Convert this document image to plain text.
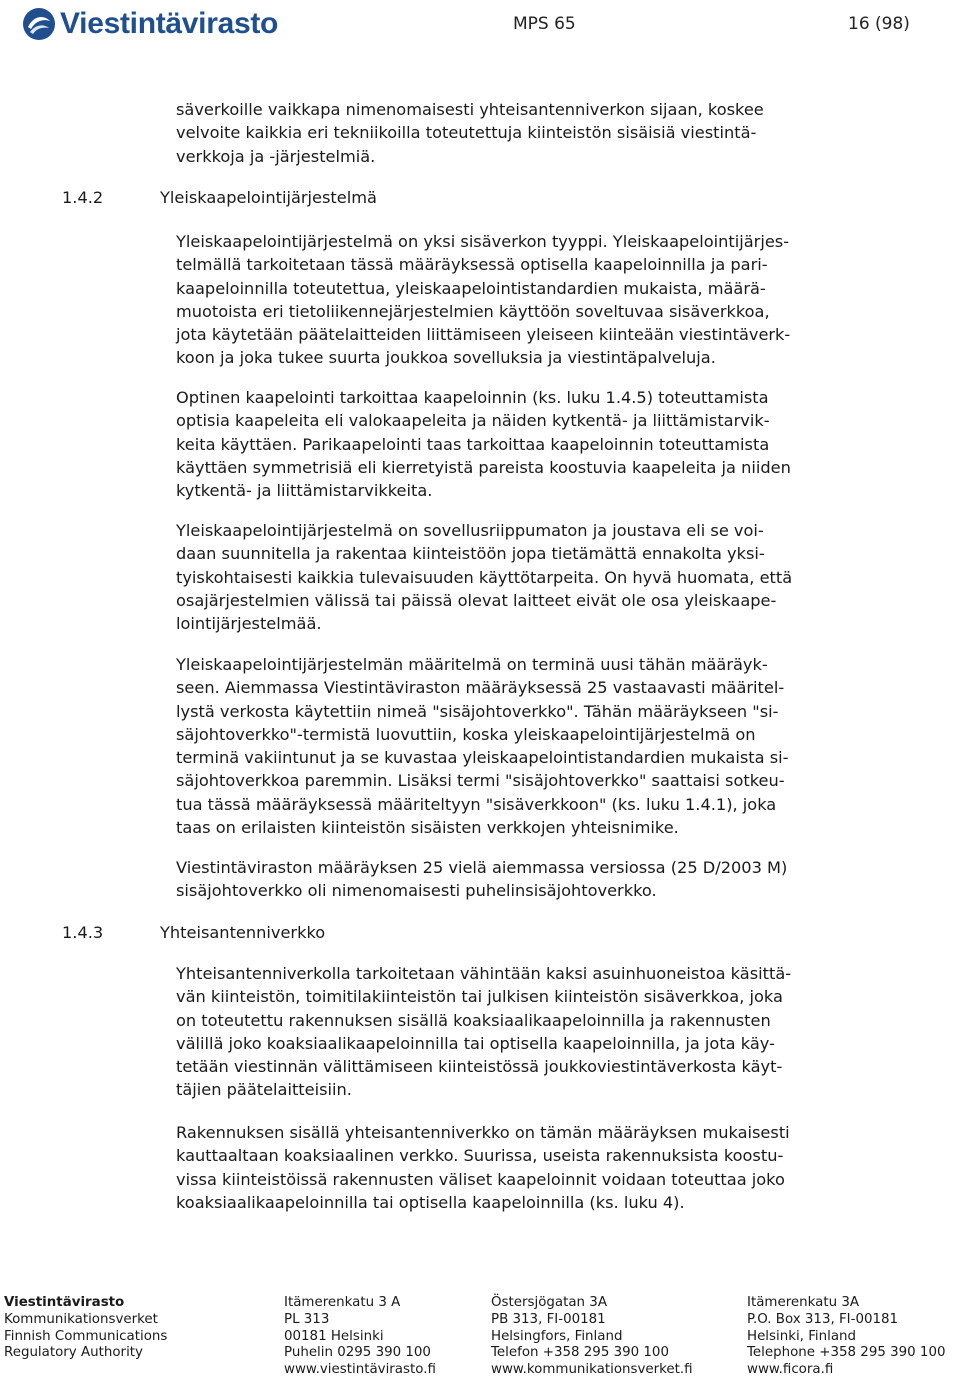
Viestintävirasto	MPS 65	16 (98)

säverkoille vaikkapa nimenomaisesti yhteisantenniverkon sijaan, koskee
velvoite kaikkia eri tekniikoilla toteutettuja kiinteistön sisäisiä viestintä-
verkkoja ja -järjestelmiä.

1.4.2	Yleiskaapelointijärjestelmä

Yleiskaapelointijärjestelmä on yksi sisäverkon tyyppi. Yleiskaapelointijärjes-
telmällä tarkoitetaan tässä määräyksessä optisella kaapeloinnilla ja pari-
kaapeloinnilla toteutettua, yleiskaapelointistandardien mukaista, määrä-
muotoista eri tietoliikennejärjestelmien käyttöön soveltuvaa sisäverkkoa,
jota käytetään päätelaitteiden liittämiseen yleiseen kiinteään viestintäverk-
koon ja joka tukee suurta joukkoa sovelluksia ja viestintäpalveluja.

Optinen kaapelointi tarkoittaa kaapeloinnin (ks. luku 1.4.5) toteuttamista
optisia kaapeleita eli valokaapeleita ja näiden kytkentä- ja liittämistarvik-
keita käyttäen. Parikaapelointi taas tarkoittaa kaapeloinnin toteuttamista
käyttäen symmetrisiä eli kierretyistä pareista koostuvia kaapeleita ja niiden
kytkentä- ja liittämistarvikkeita.

Yleiskaapelointijärjestelmä on sovellusriippumaton ja joustava eli se voi-
daan suunnitella ja rakentaa kiinteistöön jopa tietämättä ennakolta yksi-
tyiskohtaisesti kaikkia tulevaisuuden käyttötarpeita. On hyvä huomata, että
osajärjestelmien välissä tai päissä olevat laitteet eivät ole osa yleiskaape-
lointijärjestelmää.

Yleiskaapelointijärjestelmän määritelmä on terminä uusi tähän määräyk-
seen. Aiemmassa Viestintäviraston määräyksessä 25 vastaavasti määritel-
lystä verkosta käytettiin nimeä "sisäjohtoverkko". Tähän määräykseen "si-
säjohtoverkko"-termistä luovuttiin, koska yleiskaapelointijärjestelmä on
terminä vakiintunut ja se kuvastaa yleiskaapelointistandardien mukaista si-
säjohtoverkkoa paremmin. Lisäksi termi "sisäjohtoverkko" saattaisi sotkeu-
tua tässä määräyksessä määriteltyyn "sisäverkkoon" (ks. luku 1.4.1), joka
taas on erilaisten kiinteistön sisäisten verkkojen yhteisnimike.

Viestintäviraston määräyksen 25 vielä aiemmassa versiossa (25 D/2003 M)
sisäjohtoverkko oli nimenomaisesti puhelinsisäjohtoverkko.

1.4.3	Yhteisantenniverkko

Yhteisantenniverkolla tarkoitetaan vähintään kaksi asuinhuoneistoa käsittä-
vän kiinteistön, toimitilakiinteistön tai julkisen kiinteistön sisäverkkoa, joka
on toteutettu rakennuksen sisällä koaksiaalikaapeloinnilla ja rakennusten
välillä joko koaksiaalikaapeloinnilla tai optisella kaapeloinnilla, ja jota käy-
tetään viestinnän välittämiseen kiinteistössä joukkoviestintäverkosta käyt-
täjien päätelaitteisiin.

Rakennuksen sisällä yhteisantenniverkko on tämän määräyksen mukaisesti
kauttaaltaan koaksiaalinen verkko. Suurissa, useista rakennuksista koostu-
vissa kiinteistöissä rakennusten väliset kaapeloinnit voidaan toteuttaa joko
koaksiaalikaapeloinnilla tai optisella kaapeloinnilla (ks. luku 4).

Viestintävirasto
Kommunikationsverket
Finnish Communications
Regulatory Authority
Itämerenkatu 3 A
PL 313
00181 Helsinki
Puhelin 0295 390 100
www.viestintävirasto.fi
Östersjögatan 3A
PB 313, FI-00181
Helsingfors, Finland
Telefon +358 295 390 100
www.kommunikationsverket.fi
Itämerenkatu 3A
P.O. Box 313, FI-00181
Helsinki, Finland
Telephone +358 295 390 100
www.ficora.fi
